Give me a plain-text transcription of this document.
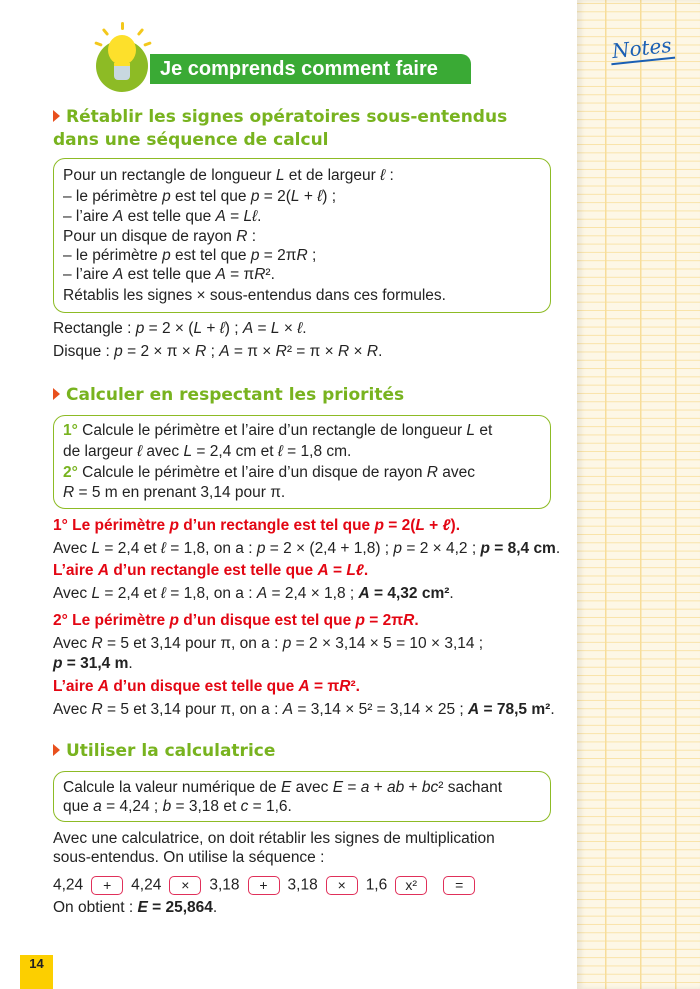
Notes
Je comprends comment faire
Rétablir les signes opératoires sous-entendus
dans une séquence de calcul
Calculer en respectant les priorités
Utiliser la calculatrice
Pour un rectangle de longueur L et de largeur ℓ :
– le périmètre p est tel que p = 2(L + ℓ) ;
– l’aire A est telle que A = Lℓ.
Pour un disque de rayon R :
– le périmètre p est tel que p = 2πR ;
– l’aire A est telle que A = πR².
Rétablis les signes × sous-entendus dans ces formules.
Rectangle : p = 2 × (L + ℓ) ; A = L × ℓ.
Disque : p = 2 × π × R ; A = π × R² = π × R × R.
1° Calcule le périmètre et l’aire d’un rectangle de longueur L et
de largeur ℓ avec L = 2,4 cm et ℓ = 1,8 cm.
2° Calcule le périmètre et l’aire d’un disque de rayon R avec
R = 5 m en prenant 3,14 pour π.
1° Le périmètre p d’un rectangle est tel que p = 2(L + ℓ).
Avec L = 2,4 et ℓ = 1,8, on a : p = 2 × (2,4 + 1,8) ; p = 2 × 4,2 ; p = 8,4 cm.
L’aire A d’un rectangle est telle que A = Lℓ.
Avec L = 2,4 et ℓ = 1,8, on a : A = 2,4 × 1,8 ; A = 4,32 cm².
2° Le périmètre p d’un disque est tel que p = 2πR.
Avec R = 5 et 3,14 pour π, on a : p = 2 × 3,14 × 5 = 10 × 3,14 ;
p = 31,4 m.
L’aire A d’un disque est telle que A = πR².
Avec R = 5 et 3,14 pour π, on a : A = 3,14 × 5² = 3,14 × 25 ; A = 78,5 m².
Calcule la valeur numérique de E avec E = a + ab + bc² sachant
que a = 4,24 ; b = 3,18 et c = 1,6.
Avec une calculatrice, on doit rétablir les signes de multiplication
sous-entendus. On utilise la séquence :
On obtient : E = 25,864.
4,24 + 4,24 × 3,18 + 3,18 × 1,6 x²	=
14
